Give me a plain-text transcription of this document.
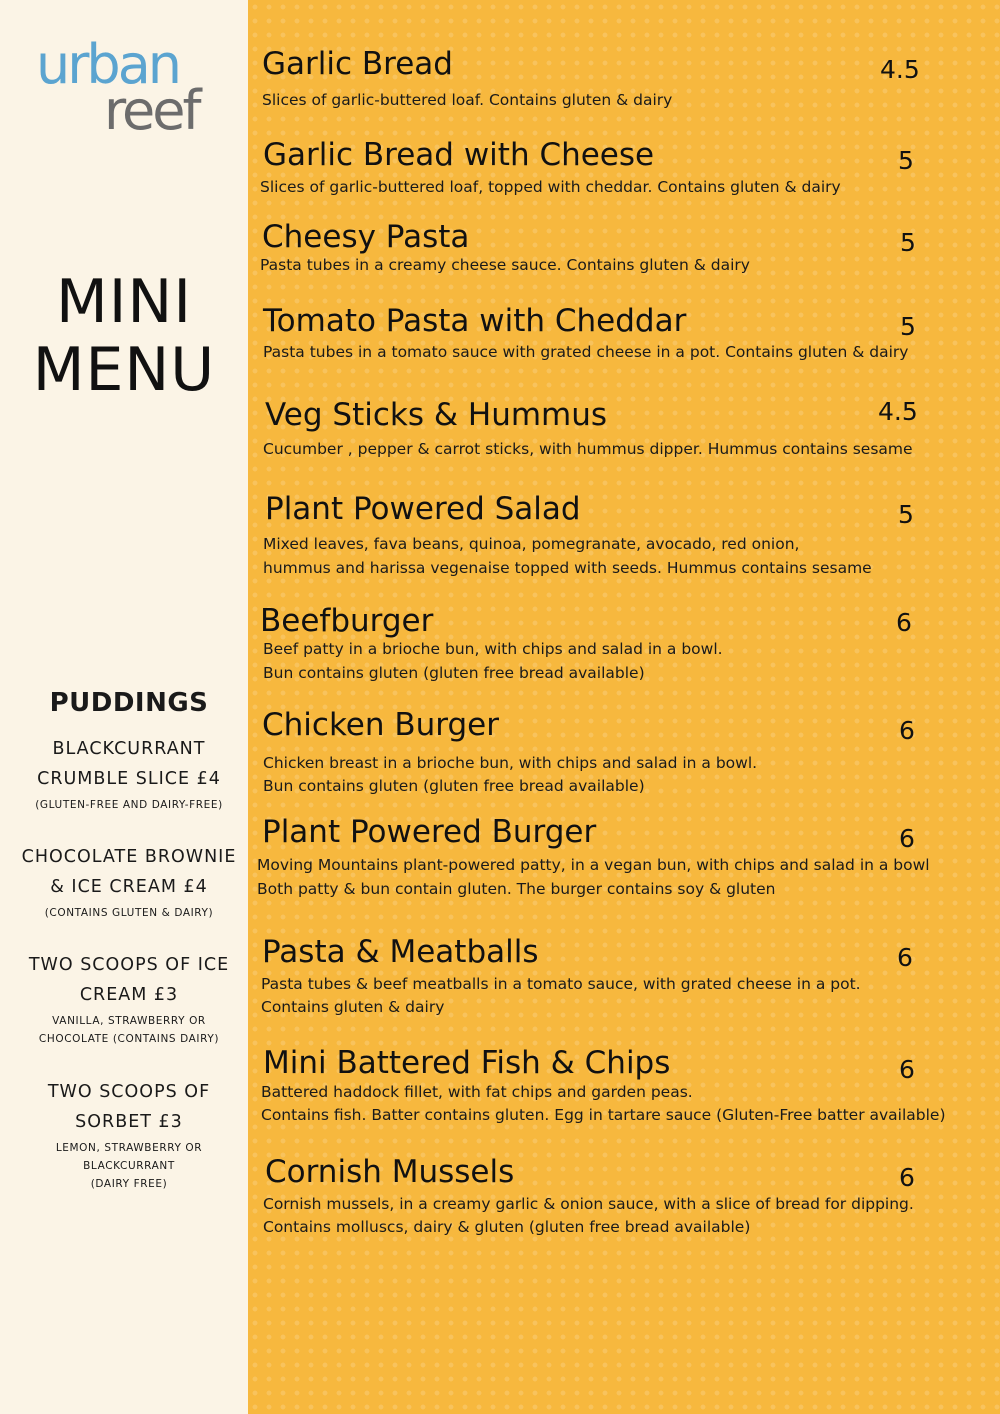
urban
reef
MINI
MENU
PUDDINGS
BLACKCURRANT
CRUMBLE SLICE £4
(GLUTEN-FREE AND DAIRY-FREE)
CHOCOLATE BROWNIE
& ICE CREAM £4
(CONTAINS GLUTEN & DAIRY)
TWO SCOOPS OF ICE
CREAM £3
VANILLA, STRAWBERRY OR
CHOCOLATE (CONTAINS DAIRY)
TWO SCOOPS OF
SORBET £3
LEMON, STRAWBERRY OR
BLACKCURRANT
(DAIRY FREE)
Garlic Bread	4.5
Slices of garlic-buttered loaf. Contains gluten & dairy
Garlic Bread with Cheese	5
Slices of garlic-buttered loaf, topped with cheddar. Contains gluten & dairy
Cheesy Pasta	5
Pasta tubes in a creamy cheese sauce. Contains gluten & dairy
Tomato Pasta with Cheddar	5
Pasta tubes in a tomato sauce with grated cheese in a pot. Contains gluten & dairy
Veg Sticks & Hummus	4.5
Cucumber , pepper & carrot sticks, with hummus dipper. Hummus contains sesame
Plant Powered Salad	5
Mixed leaves, fava beans, quinoa, pomegranate, avocado, red onion,
hummus and harissa vegenaise topped with seeds. Hummus contains sesame
Beefburger	6
Beef patty in a brioche bun, with chips and salad in a bowl.
Bun contains gluten (gluten free bread available)
Chicken Burger	6
Chicken breast in a brioche bun, with chips and salad in a bowl.
Bun contains gluten (gluten free bread available)
Plant Powered Burger	6
Moving Mountains plant-powered patty, in a vegan bun, with chips and salad in a bowl
Both patty & bun contain gluten. The burger contains soy & gluten
Pasta & Meatballs	6
Pasta tubes & beef meatballs in a tomato sauce, with grated cheese in a pot.
Contains gluten & dairy
Mini Battered Fish & Chips	6
Battered haddock fillet, with fat chips and garden peas.
Contains fish. Batter contains gluten. Egg in tartare sauce (Gluten-Free batter available)
Cornish Mussels	6
Cornish mussels, in a creamy garlic & onion sauce, with a slice of bread for dipping.
Contains molluscs, dairy & gluten (gluten free bread available)
